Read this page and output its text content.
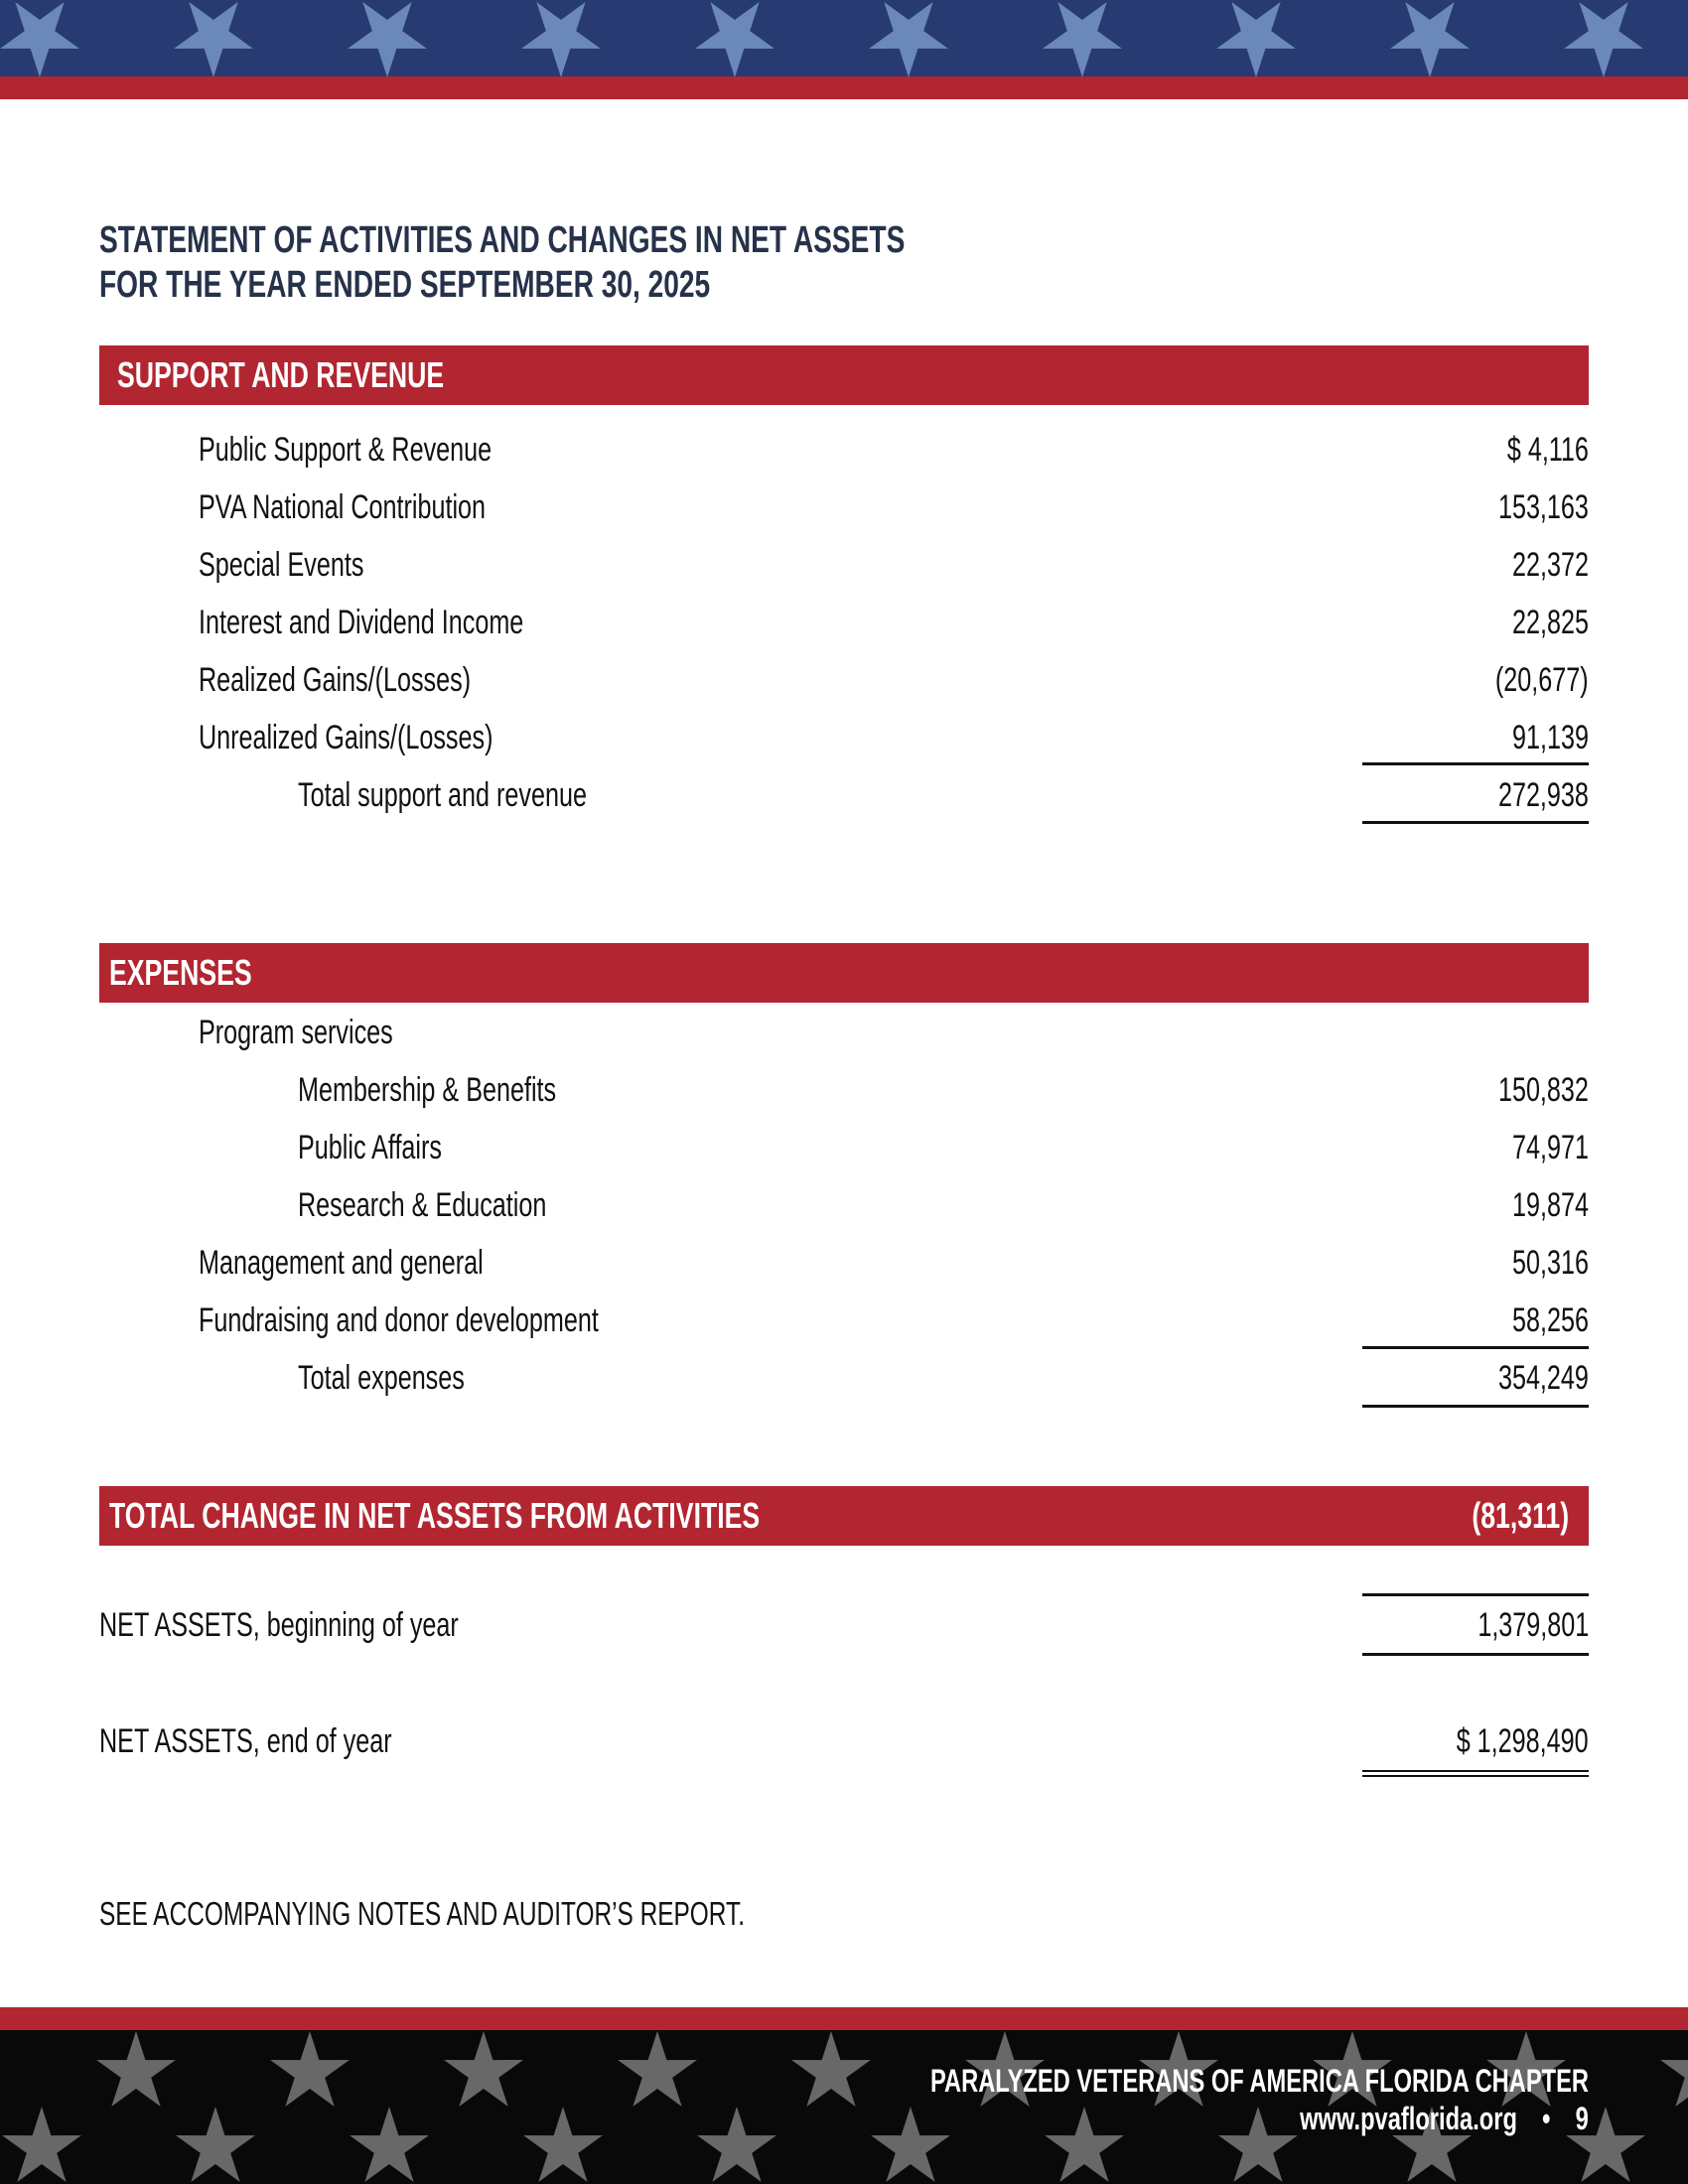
STATEMENT OF ACTIVITIES AND CHANGES IN NET ASSETS
FOR THE YEAR ENDED SEPTEMBER 30, 2025
SUPPORT AND REVENUE
Public Support & Revenue	$ 4,116
PVA National Contribution	153,163
Special Events	22,372
Interest and Dividend Income	22,825
Realized Gains/(Losses)	(20,677)
Unrealized Gains/(Losses)	91,139
Total support and revenue	272,938
EXPENSES
Program services
Membership & Benefits	150,832
Public Affairs	74,971
Research & Education	19,874
Management and general	50,316
Fundraising and donor development	58,256
Total expenses	354,249
TOTAL CHANGE IN NET ASSETS FROM ACTIVITIES	(81,311)
NET ASSETS, beginning of year	1,379,801
NET ASSETS, end of year	$ 1,298,490
SEE ACCOMPANYING NOTES AND AUDITOR’S REPORT.
PARALYZED VETERANS OF AMERICA FLORIDA CHAPTER
www.pvaflorida.org • 9
